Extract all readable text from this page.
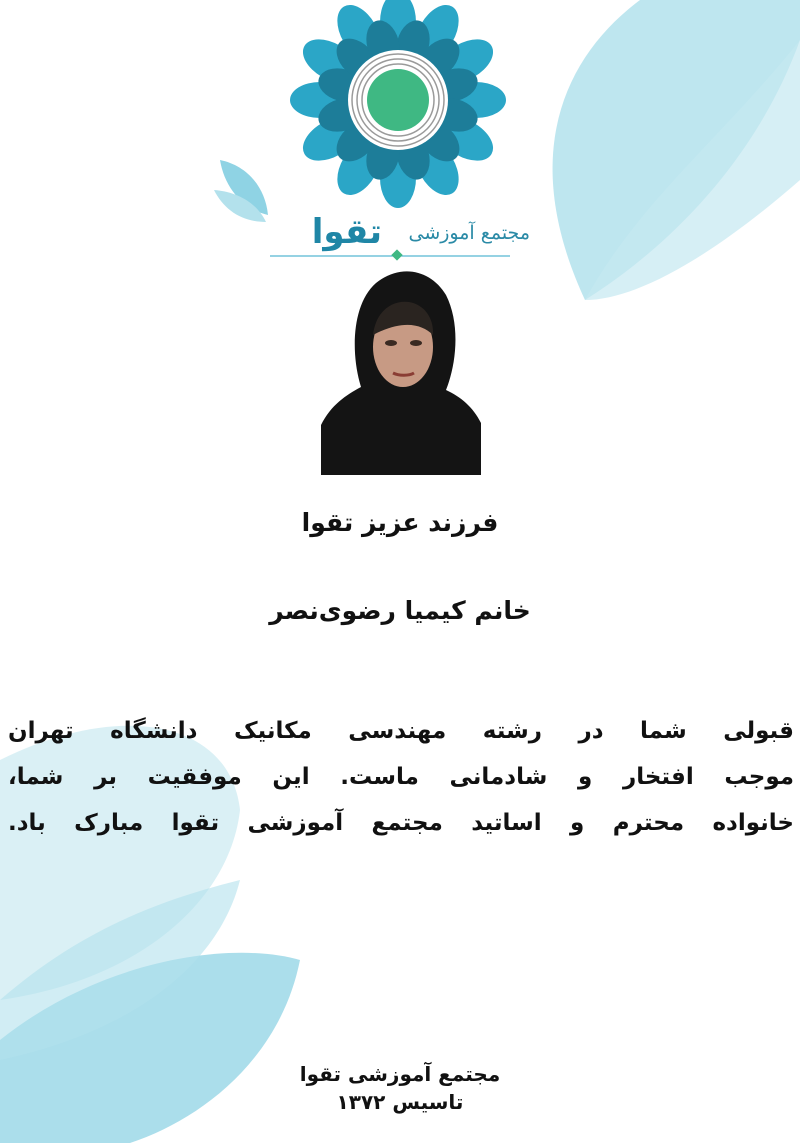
مجتمع آموزشی
تقوا
فرزند عزیز تقوا
خانم کیمیا رضوی‌نصر
قبولی شما در رشته مهندسی مکانیک دانشگاه تهران
موجب افتخار و شادمانی ماست. این موفقیت بر شما،
خانواده محترم و اساتید مجتمع آموزشی تقوا مبارک باد.
مجتمع آموزشی تقوا
تاسیس ۱۳۷۲
